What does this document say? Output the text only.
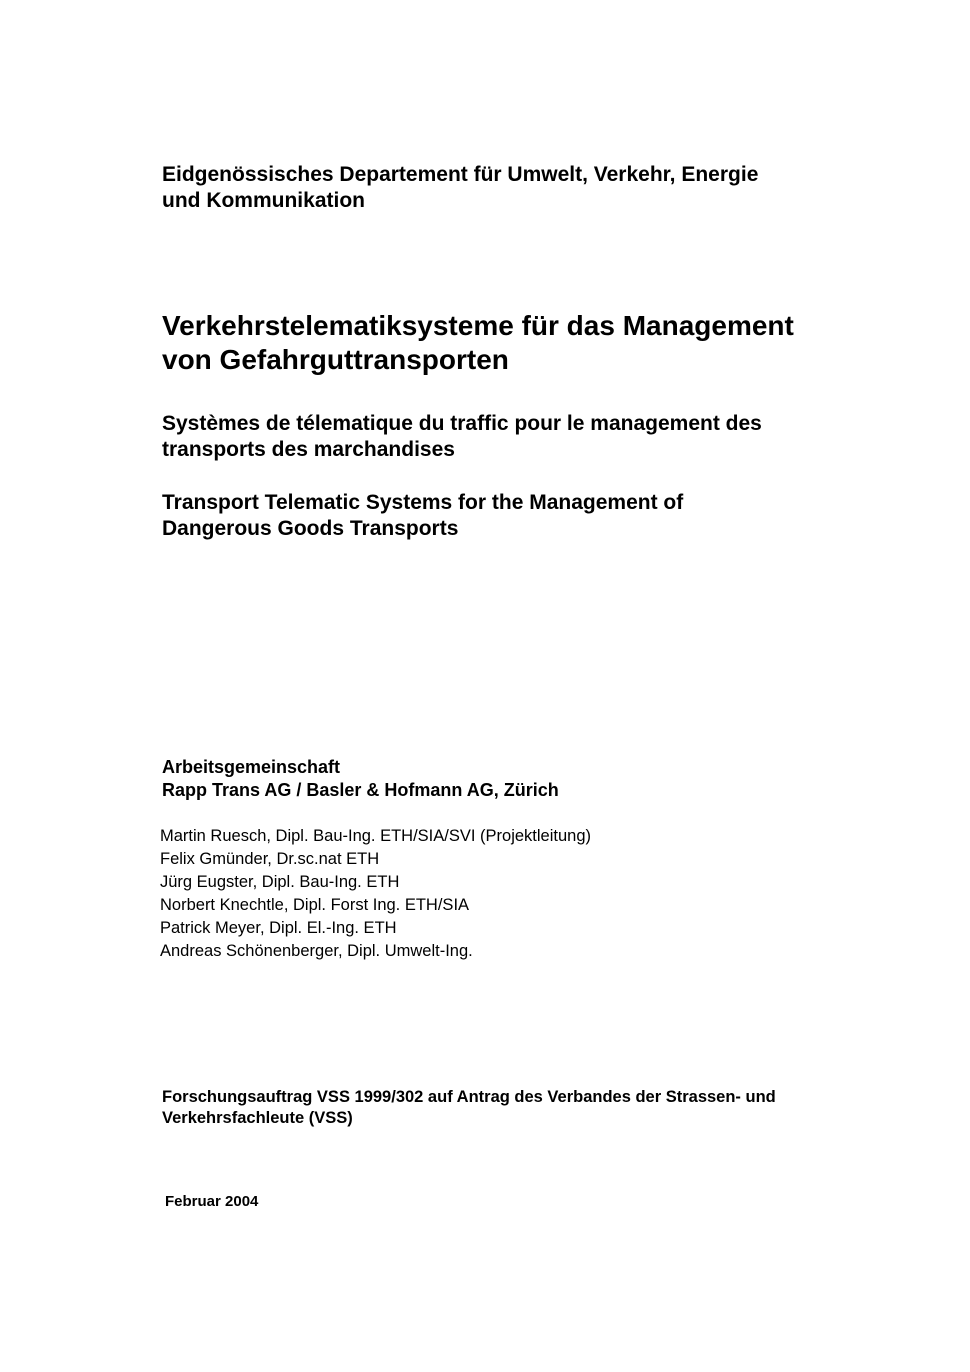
Eidgenössisches Departement für Umwelt, Verkehr, Energie
und Kommunikation
Verkehrstelematiksysteme für das Management
von Gefahrguttransporten
Systèmes de télematique du traffic pour le management des
transports des marchandises
Transport Telematic Systems for the Management of
Dangerous Goods Transports
Arbeitsgemeinschaft
Rapp Trans AG / Basler & Hofmann AG, Zürich
Martin Ruesch, Dipl. Bau-Ing. ETH/SIA/SVI (Projektleitung)
Felix Gmünder, Dr.sc.nat ETH
Jürg Eugster, Dipl. Bau-Ing. ETH
Norbert Knechtle, Dipl. Forst Ing. ETH/SIA
Patrick Meyer, Dipl. El.-Ing. ETH
Andreas Schönenberger, Dipl. Umwelt-Ing.
Forschungsauftrag VSS 1999/302 auf Antrag des Verbandes der Strassen- und
Verkehrsfachleute (VSS)
Februar 2004
